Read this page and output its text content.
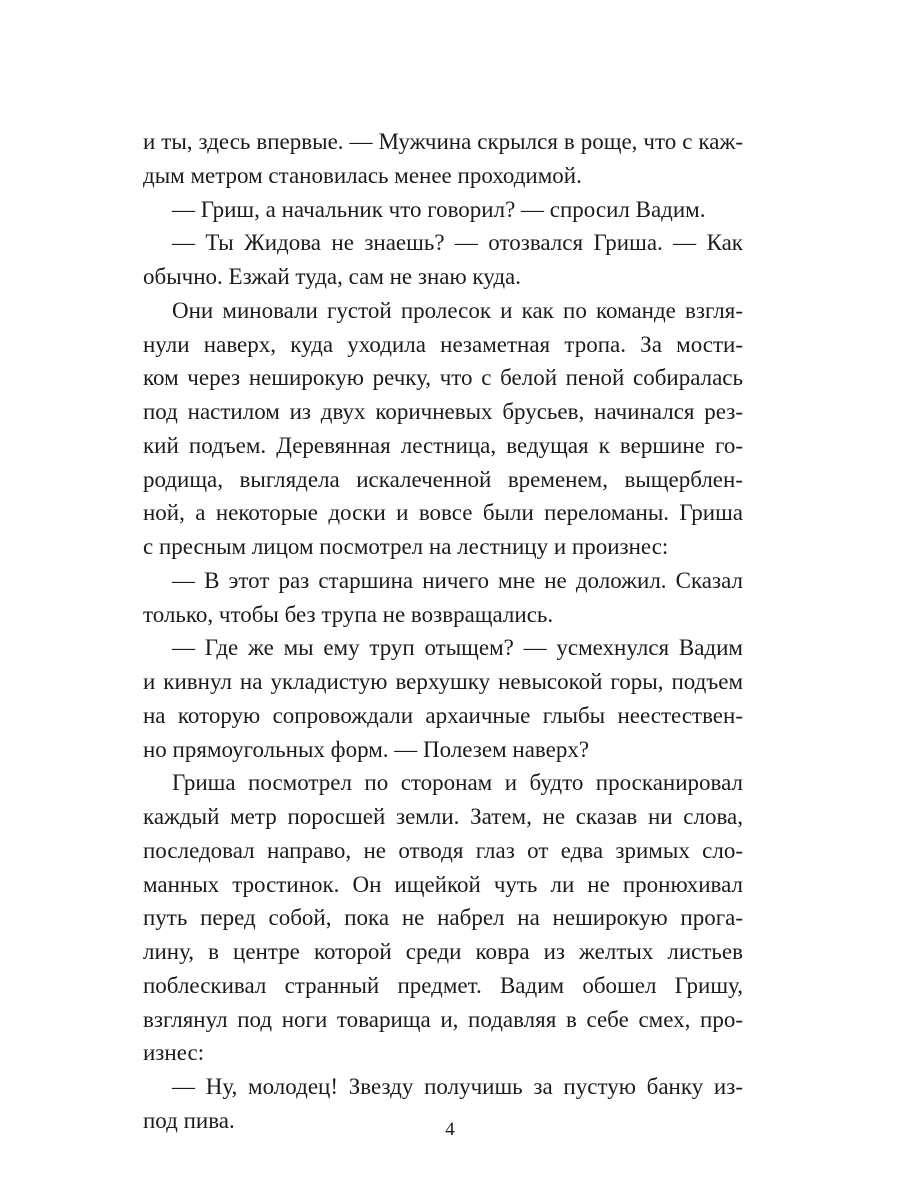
и ты, здесь впервые. — Мужчина скрылся в роще, что с каж-
дым метром становилась менее проходимой.
— Гриш, а начальник что говорил? — спросил Вадим.
— Ты Жидова не знаешь? — отозвался Гриша. — Как
обычно. Езжай туда, сам не знаю куда.
Они миновали густой пролесок и как по команде взгля-
нули наверх, куда уходила незаметная тропа. За мости-
ком через неширокую речку, что с белой пеной собиралась
под настилом из двух коричневых брусьев, начинался рез-
кий подъем. Деревянная лестница, ведущая к вершине го-
родища, выглядела искалеченной временем, выщерблен-
ной, а некоторые доски и вовсе были переломаны. Гриша
с пресным лицом посмотрел на лестницу и произнес:
— В этот раз старшина ничего мне не доложил. Сказал
только, чтобы без трупа не возвращались.
— Где же мы ему труп отыщем? — усмехнулся Вадим
и кивнул на укладистую верхушку невысокой горы, подъем
на которую сопровождали архаичные глыбы неестествен-
но прямоугольных форм. — Полезем наверх?
Гриша посмотрел по сторонам и будто просканировал
каждый метр поросшей земли. Затем, не сказав ни слова,
последовал направо, не отводя глаз от едва зримых сло-
манных тростинок. Он ищейкой чуть ли не пронюхивал
путь перед собой, пока не набрел на неширокую прога-
лину, в центре которой среди ковра из желтых листьев
поблескивал странный предмет. Вадим обошел Гришу,
взглянул под ноги товарища и, подавляя в себе смех, про-
изнес:
— Ну, молодец! Звезду получишь за пустую банку из-
под пива.	4
